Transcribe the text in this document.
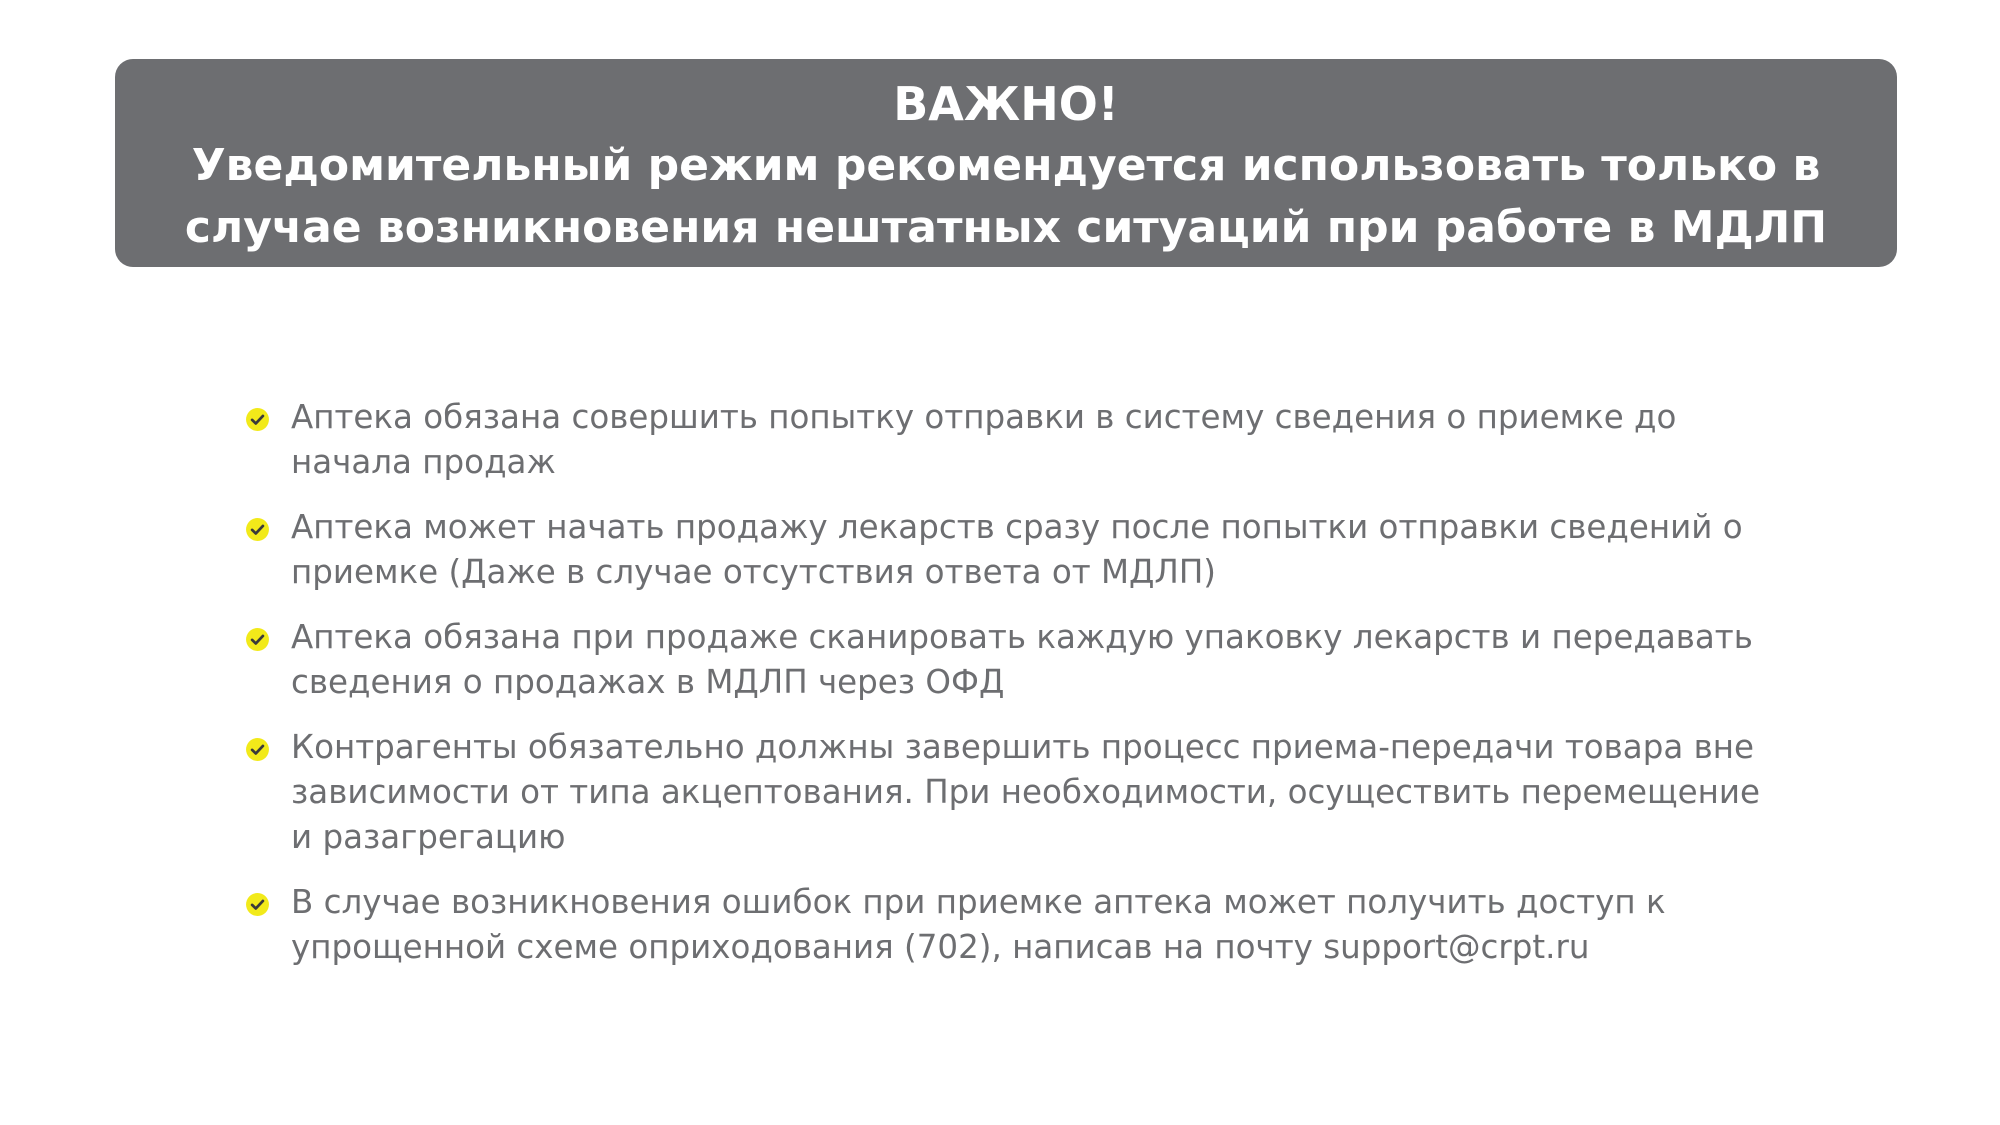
ВАЖНО!
Уведомительный режим рекомендуется использовать только в
случае возникновения нештатных ситуаций при работе в МДЛП
Аптека обязана совершить попытку отправки в систему сведения о приемке до
начала продаж
Аптека может начать продажу лекарств сразу после попытки отправки сведений о
приемке (Даже в случае отсутствия ответа от МДЛП)
Аптека обязана при продаже сканировать каждую упаковку лекарств и передавать
сведения о продажах в МДЛП через ОФД
Контрагенты обязательно должны завершить процесс приема-передачи товара вне
зависимости от типа акцептования. При необходимости, осуществить перемещение
и разагрегацию
В случае возникновения ошибок при приемке аптека может получить доступ к
упрощенной схеме оприходования (702), написав на почту support@crpt.ru
